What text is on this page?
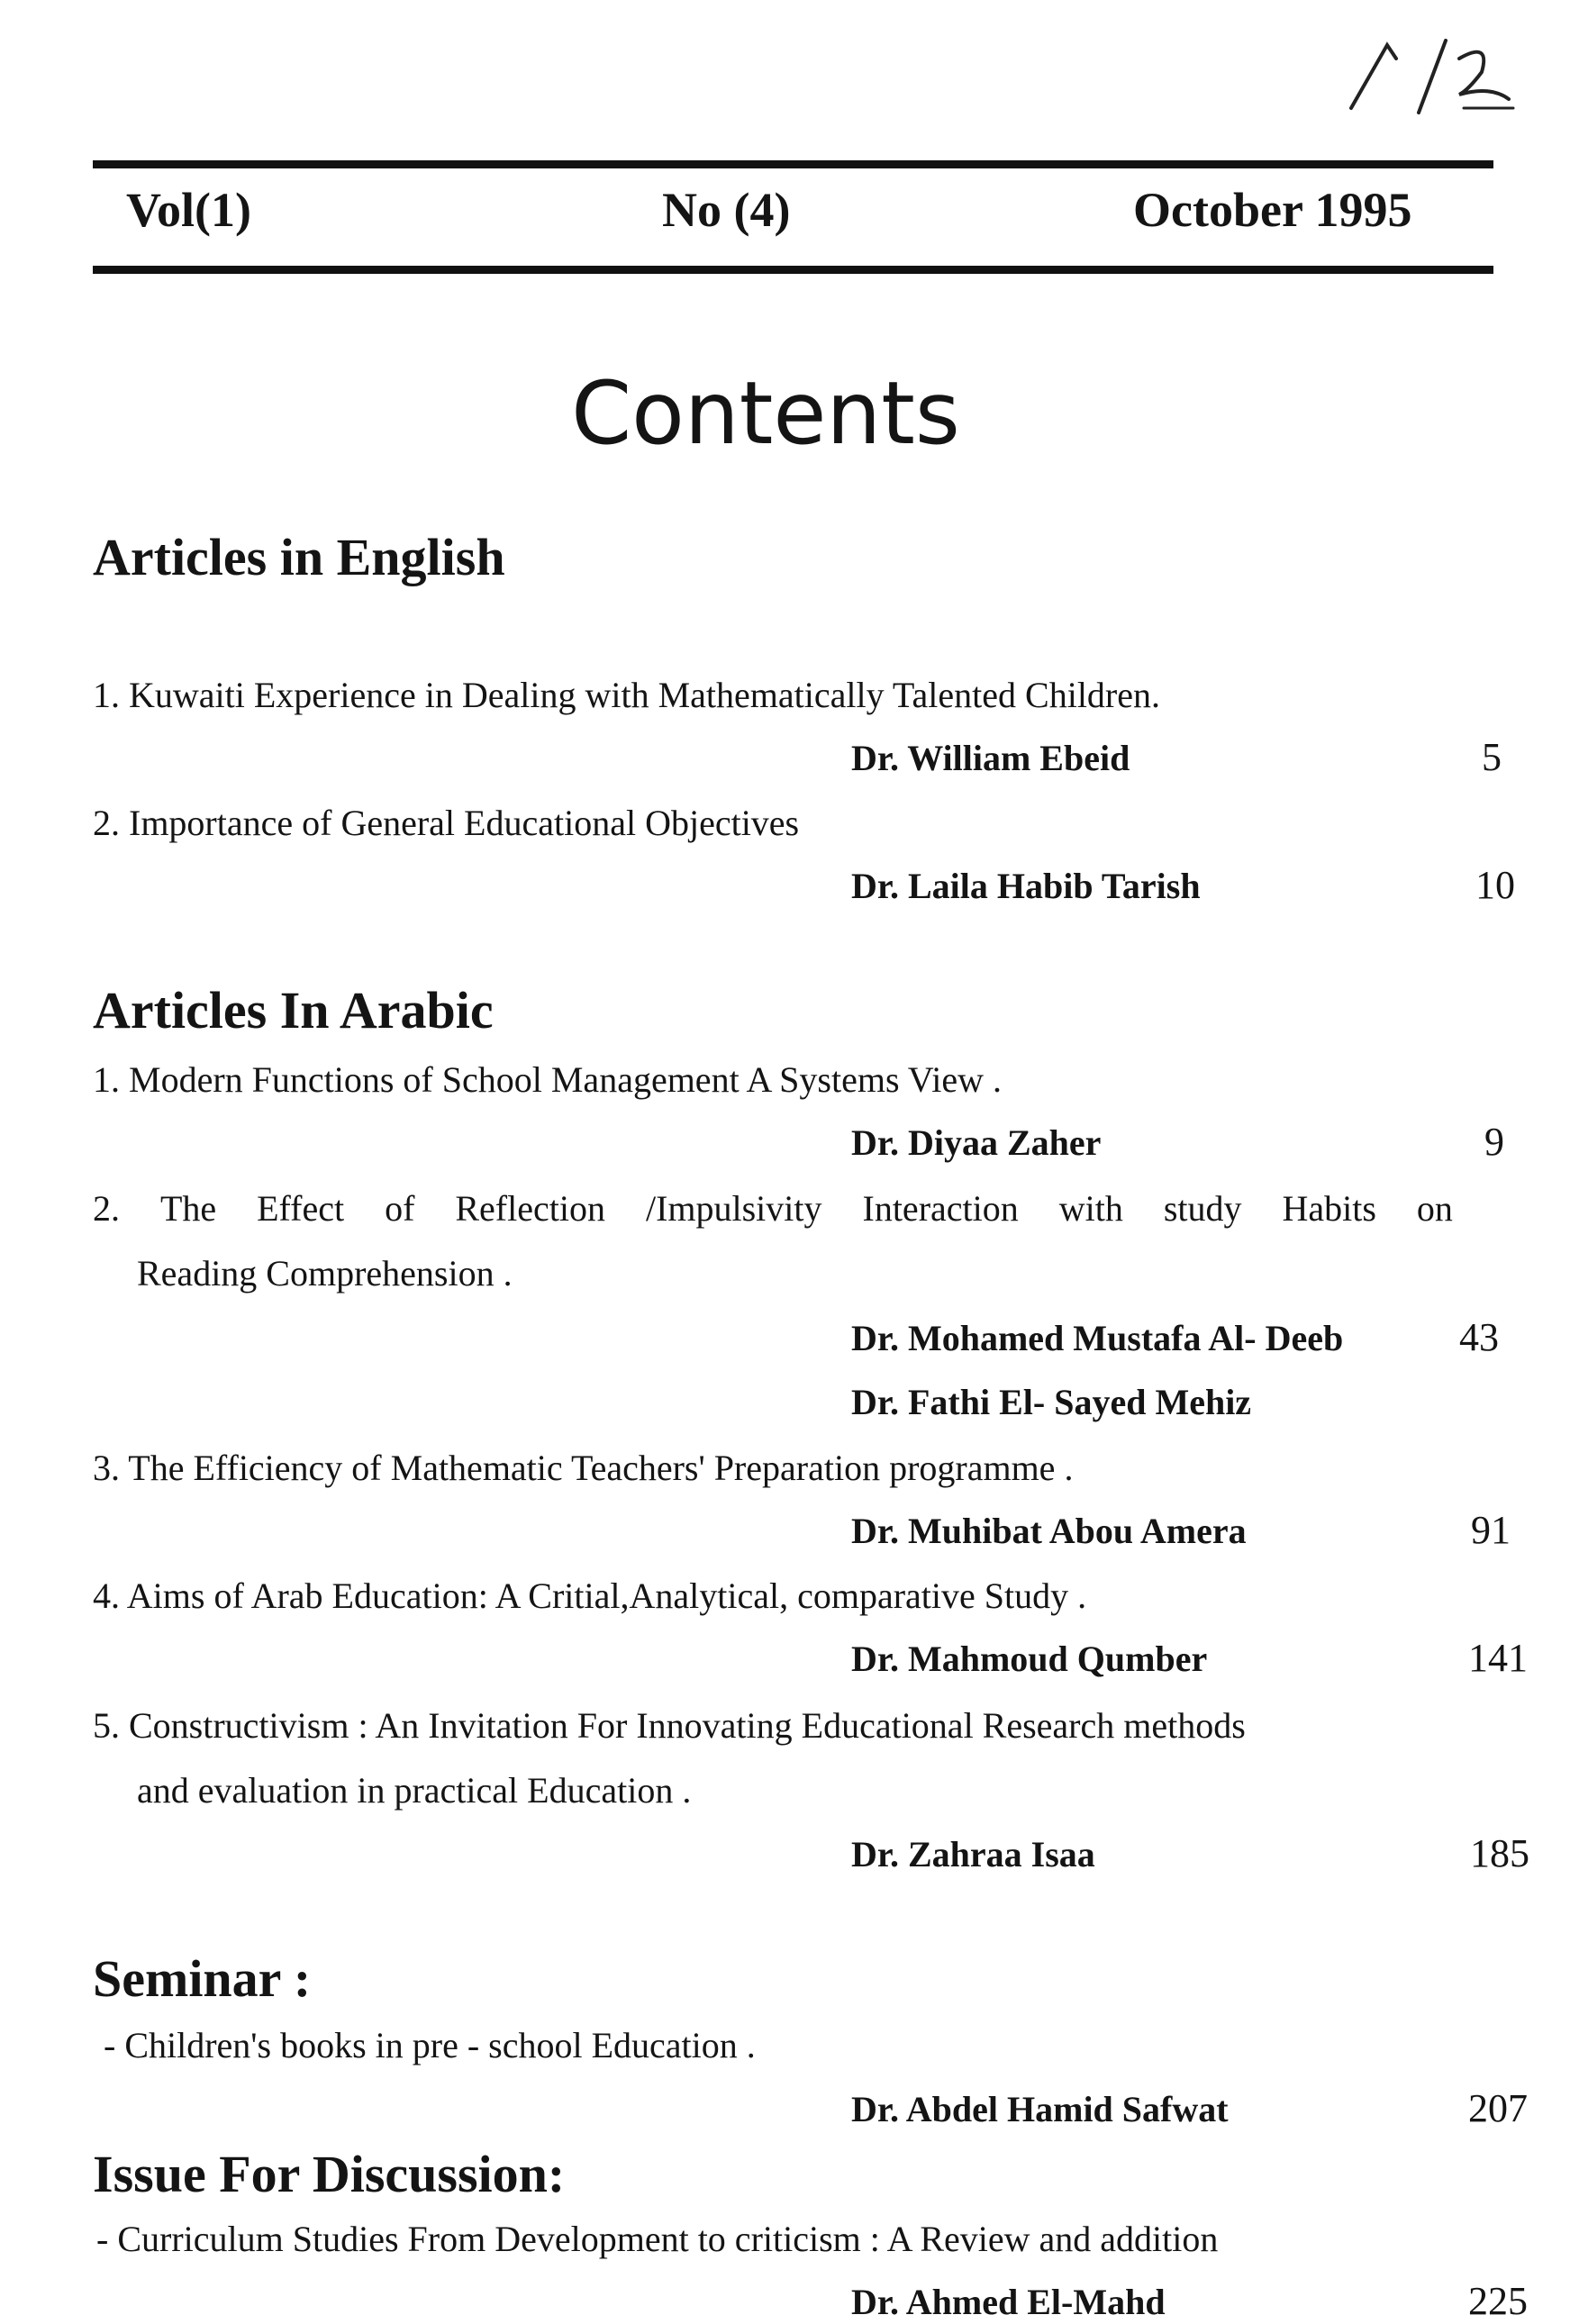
Vol(1)	No (4)	October 1995
Contents
Articles in English
1. Kuwaiti Experience in Dealing with Mathematically Talented Children.
Dr. William Ebeid	5
2. Importance of General Educational Objectives
Dr. Laila Habib Tarish	10
Articles In Arabic
1. Modern Functions of School Management A Systems View .
Dr. Diyaa Zaher	9
2. The Effect of Reflection /Impulsivity Interaction with study Habits on
Reading Comprehension .
Dr. Mohamed Mustafa Al- Deeb	43
Dr. Fathi El- Sayed Mehiz
3. The Efficiency of Mathematic Teachers' Preparation programme .
Dr. Muhibat Abou Amera	91
4. Aims of Arab Education: A Critial,Analytical, comparative Study .
Dr. Mahmoud Qumber	141
5. Constructivism : An Invitation For Innovating Educational Research methods
and evaluation in practical Education .
Dr. Zahraa Isaa	185
Seminar :
- Children's books in pre - school Education .
Dr. Abdel Hamid Safwat	207
Issue For Discussion:
- Curriculum Studies From Development to criticism : A Review and addition
Dr. Ahmed El-Mahd	225
